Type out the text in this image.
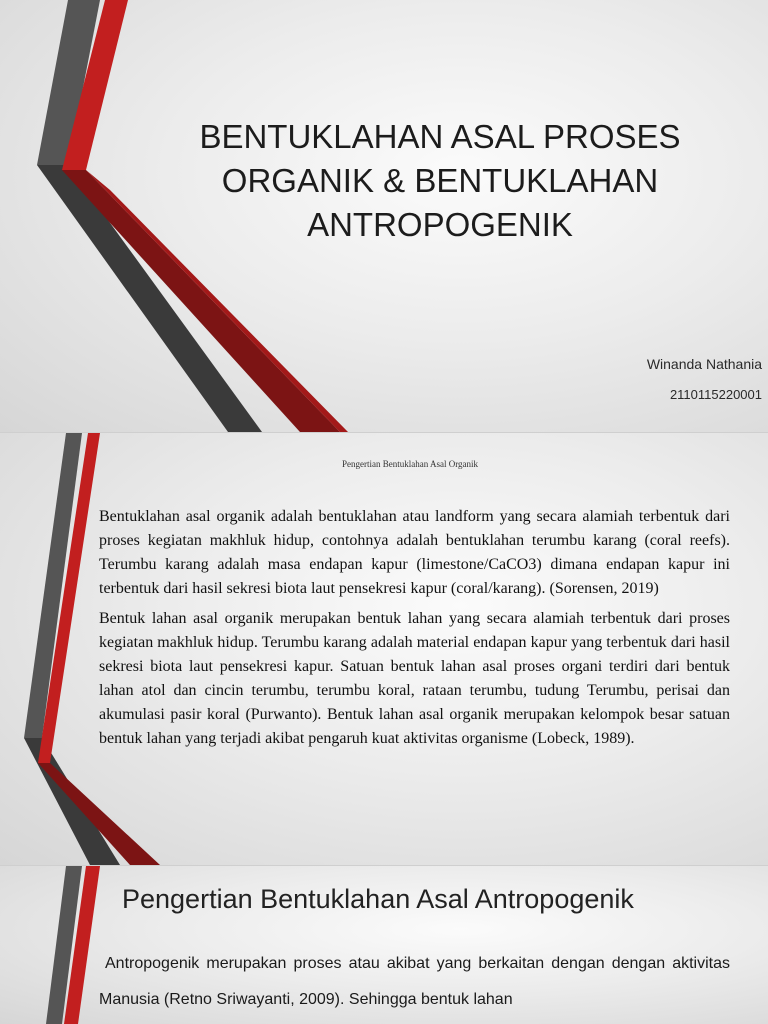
BENTUKLAHAN ASAL PROSES ORGANIK & BENTUKLAHAN ANTROPOGENIK
Winanda Nathania
2110115220001
Pengertian Bentuklahan Asal Organik

Bentuklahan asal organik adalah bentuklahan atau landform yang secara alamiah terbentuk dari proses kegiatan makhluk hidup, contohnya adalah bentuklahan terumbu karang (coral reefs). Terumbu karang adalah masa endapan kapur (limestone/CaCO3) dimana endapan kapur ini terbentuk dari hasil sekresi biota laut pensekresi kapur (coral/karang). (Sorensen, 2019)

Bentuk lahan asal organik merupakan bentuk lahan yang secara alamiah terbentuk dari proses kegiatan makhluk hidup. Terumbu karang adalah material endapan kapur yang terbentuk dari hasil sekresi biota laut pensekresi kapur. Satuan bentuk lahan asal proses organi terdiri dari bentuk lahan atol dan cincin terumbu, terumbu koral, rataan terumbu, tudung Terumbu, perisai dan akumulasi pasir koral (Purwanto). Bentuk lahan asal organik merupakan kelompok besar satuan bentuk lahan yang terjadi akibat pengaruh kuat aktivitas organisme (Lobeck, 1989).

Pengertian Bentuklahan Asal Antropogenik
Antropogenik merupakan proses atau akibat yang berkaitan dengan dengan aktivitas Manusia (Retno Sriwayanti, 2009). Sehingga bentuk lahan
